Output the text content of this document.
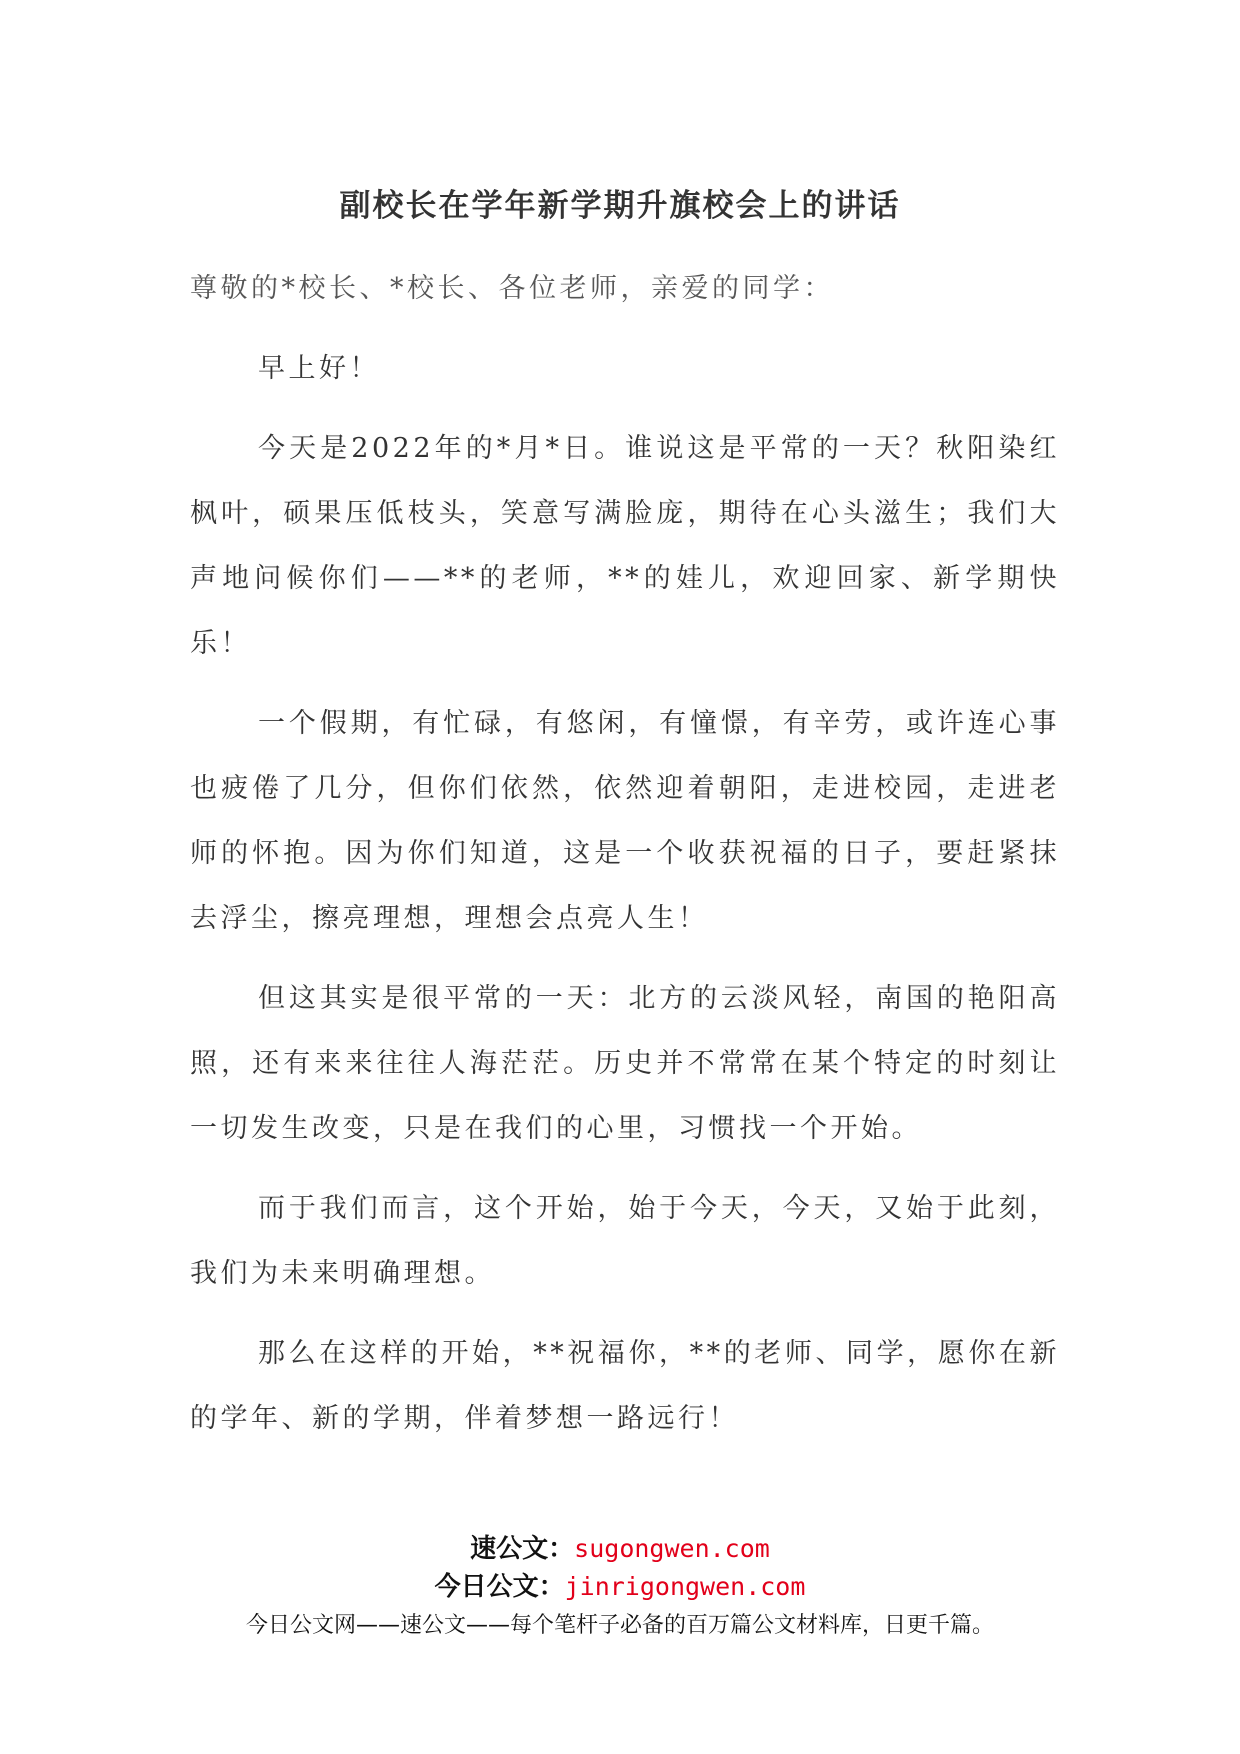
副校长在学年新学期升旗校会上的讲话

尊敬的*校长、*校长、各位老师，亲爱的同学：

早上好！

今天是2022年的*月*日。谁说这是平常的一天？秋阳染红枫叶，硕果压低枝头，笑意写满脸庞，期待在心头滋生；我们大声地问候你们——**的老师，**的娃儿，欢迎回家、新学期快乐！

一个假期，有忙碌，有悠闲，有憧憬，有辛劳，或许连心事也疲倦了几分，但你们依然，依然迎着朝阳，走进校园，走进老师的怀抱。因为你们知道，这是一个收获祝福的日子，要赶紧抹去浮尘，擦亮理想，理想会点亮人生！

但这其实是很平常的一天：北方的云淡风轻，南国的艳阳高照，还有来来往往人海茫茫。历史并不常常在某个特定的时刻让一切发生改变，只是在我们的心里，习惯找一个开始。

而于我们而言，这个开始，始于今天，今天，又始于此刻，我们为未来明确理想。

那么在这样的开始，**祝福你，**的老师、同学，愿你在新的学年、新的学期，伴着梦想一路远行！

速公文：sugongwen.com
今日公文：jinrigongwen.com
今日公文网——速公文——每个笔杆子必备的百万篇公文材料库，日更千篇。
